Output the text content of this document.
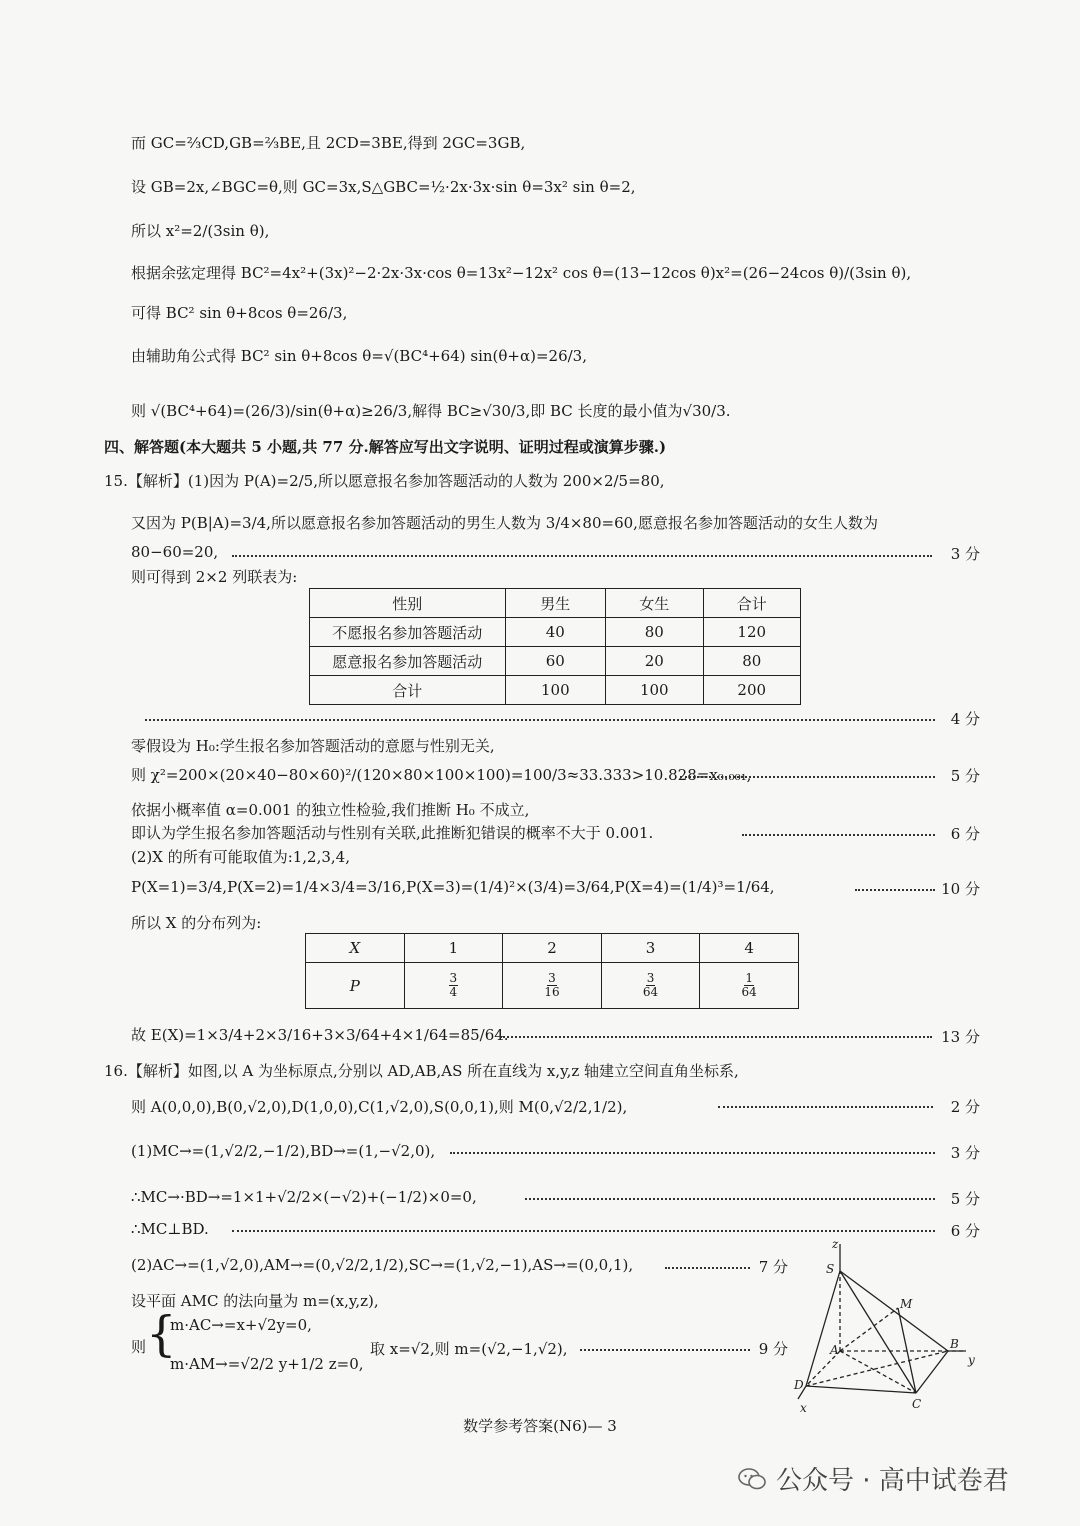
而 GC=⅔CD,GB=⅔BE,且 2CD=3BE,得到 2GC=3GB,
设 GB=2x,∠BGC=θ,则 GC=3x,S△GBC=½·2x·3x·sin θ=3x² sin θ=2,
所以 x²=2/(3sin θ),
根据余弦定理得 BC²=4x²+(3x)²−2·2x·3x·cos θ=13x²−12x² cos θ=(13−12cos θ)x²=(26−24cos θ)/(3sin θ),
可得 BC² sin θ+8cos θ=26/3,
由辅助角公式得 BC² sin θ+8cos θ=√(BC⁴+64) sin(θ+α)=26/3,
则 √(BC⁴+64)=(26/3)/sin(θ+α)≥26/3,解得 BC≥√30/3,即 BC 长度的最小值为√30/3.
四、解答题(本大题共 5 小题,共 77 分.解答应写出文字说明、证明过程或演算步骤.)
15.【解析】(1)因为 P(A)=2/5,所以愿意报名参加答题活动的人数为 200×2/5=80,
又因为 P(B|A)=3/4,所以愿意报名参加答题活动的男生人数为 3/4×80=60,愿意报名参加答题活动的女生人数为
80−60=20,	3 分
则可得到 2×2 列联表为:
性别	男生	女生	合计
不愿报名参加答题活动	40	80	120
愿意报名参加答题活动	60	20	80
合计	100	100	200
4 分
零假设为 H₀:学生报名参加答题活动的意愿与性别无关,
则 χ²=200×(20×40−80×60)²/(120×80×100×100)=100/3≈33.333>10.828=x₀.₀₀₁,	5 分
依据小概率值 α=0.001 的独立性检验,我们推断 H₀ 不成立,
即认为学生报名参加答题活动与性别有关联,此推断犯错误的概率不大于 0.001.	6 分
(2)X 的所有可能取值为:1,2,3,4,
P(X=1)=3/4,P(X=2)=1/4×3/4=3/16,P(X=3)=(1/4)²×(3/4)=3/64,P(X=4)=(1/4)³=1/64,	10 分
所以 X 的分布列为:
X	1	2	3	4
P	$\frac{3}{4}$	$\frac{3}{16}$	$\frac{3}{64}$	$\frac{1}{64}$
故 E(X)=1×3/4+2×3/16+3×3/64+4×1/64=85/64.	13 分
16.【解析】如图,以 A 为坐标原点,分别以 AD,AB,AS 所在直线为 x,y,z 轴建立空间直角坐标系,
则 A(0,0,0),B(0,√2,0),D(1,0,0),C(1,√2,0),S(0,0,1),则 M(0,√2/2,1/2),	2 分
(1)MC→=(1,√2/2,−1/2),BD→=(1,−√2,0),	3 分
∴MC→·BD→=1×1+√2/2×(−√2)+(−1/2)×0=0,	5 分
∴MC⊥BD.	6 分
(2)AC→=(1,√2,0),AM→=(0,√2/2,1/2),SC→=(1,√2,−1),AS→=(0,0,1),	7 分
设平面 AMC 的法向量为 m=(x,y,z),
则 {
m·AC→=x+√2y=0,
m·AM→=√2/2 y+1/2 z=0,
取 x=√2,则 m=(√2,−1,√2),	9 分
z
S
M
A	B
y
D
C
x
数学参考答案(N6)— 3
公众号 · 高中试卷君
